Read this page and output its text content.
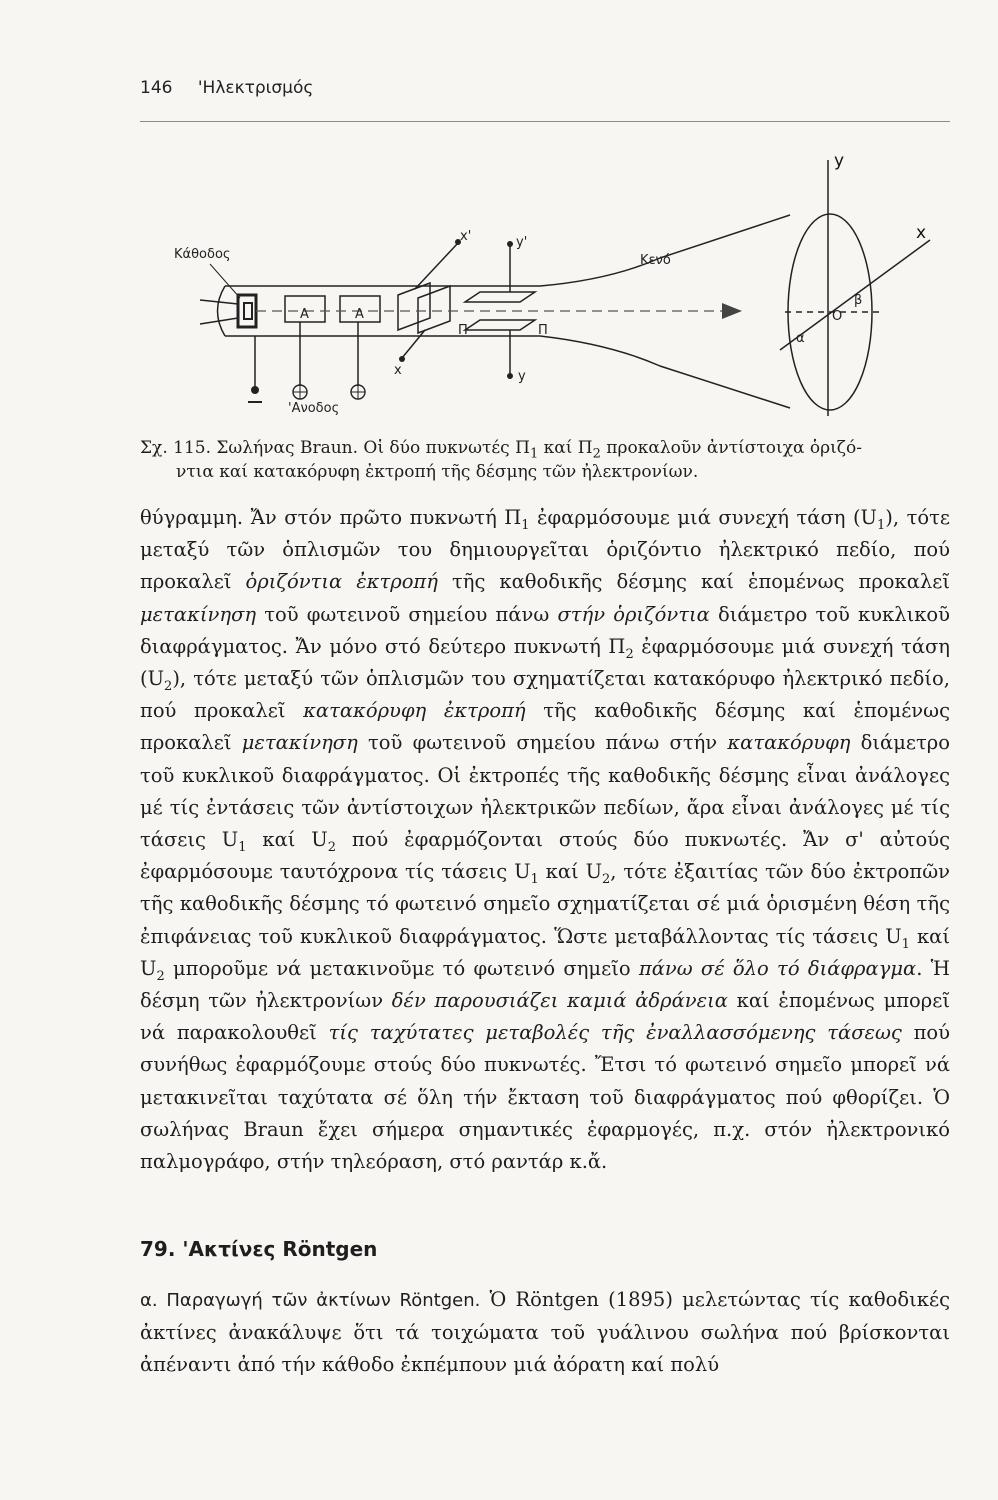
146 'Ηλεκτρισμός
Κάθοδος	Κενό
'Ανοδος
A	A
Π	Π
x'	y'
x	y
y
x
O
α
β
Σχ. 115. Σωλήνας Braun. Οἱ δύο πυκνωτές $\Pi_1$ καί $\Pi_2$ προκαλοῦν ἀντίστοιχα ὁριζό-
ντια καί κατακόρυφη ἐκτροπή τῆς δέσμης τῶν ἠλεκτρονίων.

θύγραμμη. Ἄν στόν πρῶτο πυκνωτή $\Pi_1$ ἐφαρμόσουμε μιά συνεχή τάση $(U_1)$, τότε μεταξύ τῶν ὁπλισμῶν του δημιουργεῖται ὁριζόντιο ἠλεκτρικό πεδίο, πού προκαλεῖ ὁριζόντια ἐκτροπή τῆς καθοδικῆς δέσμης καί ἑπομένως προκαλεῖ μετακίνηση τοῦ φωτεινοῦ σημείου πάνω στήν ὁριζόντια διάμετρο τοῦ κυκλικοῦ διαφράγματος. Ἄν μόνο στό δεύτερο πυκνωτή $\Pi_2$ ἐφαρμόσουμε μιά συνεχή τάση $(U_2)$, τότε μεταξύ τῶν ὁπλισμῶν του σχηματίζεται κατακόρυφο ἠλεκτρικό πεδίο, πού προκαλεῖ κατακόρυφη ἐκτροπή τῆς καθοδικῆς δέσμης καί ἑπομένως προκαλεῖ μετακίνηση τοῦ φωτεινοῦ σημείου πάνω στήν κατακόρυφη διάμετρο τοῦ κυκλικοῦ διαφράγματος. Οἱ ἐκτροπές τῆς καθοδικῆς δέσμης εἶναι ἀνάλογες μέ τίς ἐντάσεις τῶν ἀντίστοιχων ἠλεκτρικῶν πεδίων, ἄρα εἶναι ἀνάλογες μέ τίς τάσεις $U_1$ καί $U_2$ πού ἐφαρμόζονται στούς δύο πυκνωτές. Ἄν σ' αὐτούς ἐφαρμόσουμε ταυτόχρονα τίς τάσεις $U_1$ καί $U_2$, τότε ἐξαιτίας τῶν δύο ἐκτροπῶν τῆς καθοδικῆς δέσμης τό φωτεινό σημεῖο σχηματίζεται σέ μιά ὁρισμένη θέση τῆς ἐπιφάνειας τοῦ κυκλικοῦ διαφράγματος. Ὥστε μεταβάλλοντας τίς τάσεις $U_1$ καί $U_2$ μποροῦμε νά μετακινοῦμε τό φωτεινό σημεῖο πάνω σέ ὅλο τό διάφραγμα. Ἡ δέσμη τῶν ἠλεκτρονίων δέν παρουσιάζει καμιά ἀδράνεια καί ἑπομένως μπορεῖ νά παρακολουθεῖ τίς ταχύτατες μεταβολές τῆς ἐναλλασσόμενης τάσεως πού συνήθως ἐφαρμόζουμε στούς δύο πυκνωτές. Ἔτσι τό φωτεινό σημεῖο μπορεῖ νά μετακινεῖται ταχύτατα σέ ὅλη τήν ἔκταση τοῦ διαφράγματος πού φθορίζει. Ὁ σωλήνας Braun ἔχει σήμερα σημαντικές ἐφαρμογές, π.χ. στόν ἠλεκτρονικό παλμογράφο, στήν τηλεόραση, στό ραντάρ κ.ἄ.

79. 'Ακτίνες Röntgen

α. Παραγωγή τῶν ἀκτίνων Röntgen. Ὁ Röntgen (1895) μελετώντας τίς καθοδικές ἀκτίνες ἀνακάλυψε ὅτι τά τοιχώματα τοῦ γυάλινου σωλήνα πού βρίσκονται ἀπέναντι ἀπό τήν κάθοδο ἐκπέμπουν μιά ἀόρατη καί πολύ
